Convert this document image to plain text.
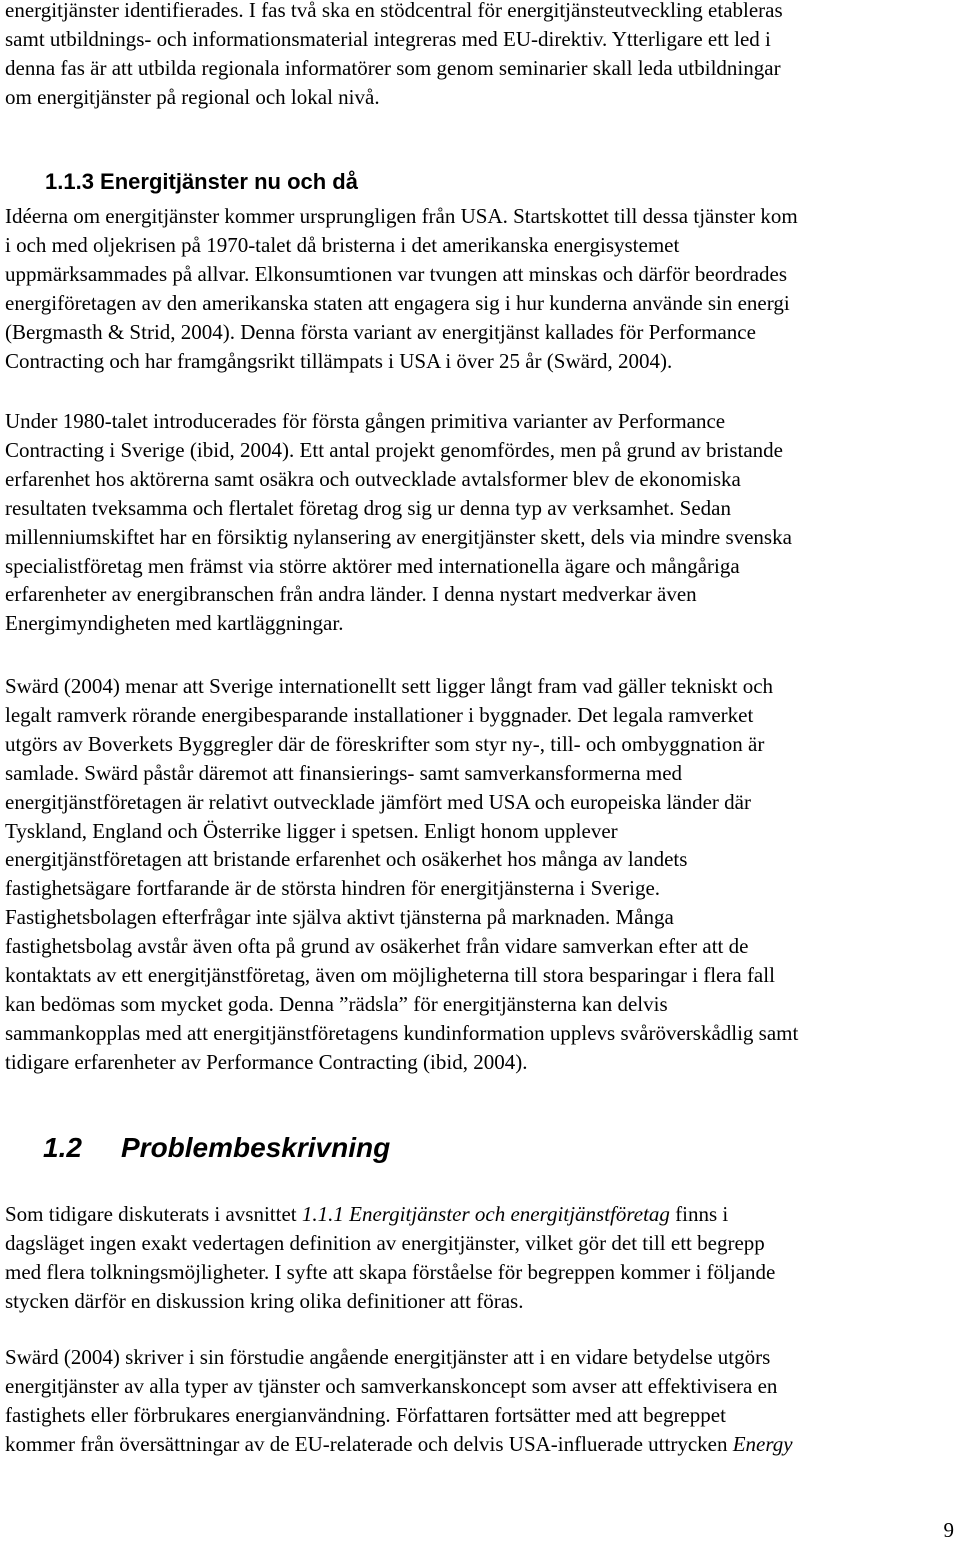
energitjänster identifierades. I fas två ska en stödcentral för energitjänsteutveckling etableras
samt utbildnings- och informationsmaterial integreras med EU-direktiv. Ytterligare ett led i
denna fas är att utbilda regionala informatörer som genom seminarier skall leda utbildningar
om energitjänster på regional och lokal nivå.

1.1.3 Energitjänster nu och då

Idéerna om energitjänster kommer ursprungligen från USA. Startskottet till dessa tjänster kom
i och med oljekrisen på 1970-talet då bristerna i det amerikanska energisystemet
uppmärksammades på allvar. Elkonsumtionen var tvungen att minskas och därför beordrades
energiföretagen av den amerikanska staten att engagera sig i hur kunderna använde sin energi
(Bergmasth & Strid, 2004). Denna första variant av energitjänst kallades för Performance
Contracting och har framgångsrikt tillämpats i USA i över 25 år (Swärd, 2004).

Under 1980-talet introducerades för första gången primitiva varianter av Performance
Contracting i Sverige (ibid, 2004). Ett antal projekt genomfördes, men på grund av bristande
erfarenhet hos aktörerna samt osäkra och outvecklade avtalsformer blev de ekonomiska
resultaten tveksamma och flertalet företag drog sig ur denna typ av verksamhet. Sedan
millenniumskiftet har en försiktig nylansering av energitjänster skett, dels via mindre svenska
specialistföretag men främst via större aktörer med internationella ägare och mångåriga
erfarenheter av energibranschen från andra länder. I denna nystart medverkar även
Energimyndigheten med kartläggningar.

Swärd (2004) menar att Sverige internationellt sett ligger långt fram vad gäller tekniskt och
legalt ramverk rörande energibesparande installationer i byggnader. Det legala ramverket
utgörs av Boverkets Byggregler där de föreskrifter som styr ny-, till- och ombyggnation är
samlade. Swärd påstår däremot att finansierings- samt samverkansformerna med
energitjänstföretagen är relativt outvecklade jämfört med USA och europeiska länder där
Tyskland, England och Österrike ligger i spetsen. Enligt honom upplever
energitjänstföretagen att bristande erfarenhet och osäkerhet hos många av landets
fastighetsägare fortfarande är de största hindren för energitjänsterna i Sverige.
Fastighetsbolagen efterfrågar inte själva aktivt tjänsterna på marknaden. Många
fastighetsbolag avstår även ofta på grund av osäkerhet från vidare samverkan efter att de
kontaktats av ett energitjänstföretag, även om möjligheterna till stora besparingar i flera fall
kan bedömas som mycket goda. Denna ”rädsla” för energitjänsterna kan delvis
sammankopplas med att energitjänstföretagens kundinformation upplevs svåröverskådlig samt
tidigare erfarenheter av Performance Contracting (ibid, 2004).

1.2 Problembeskrivning

Som tidigare diskuterats i avsnittet 1.1.1 Energitjänster och energitjänstföretag finns i
dagsläget ingen exakt vedertagen definition av energitjänster, vilket gör det till ett begrepp
med flera tolkningsmöjligheter. I syfte att skapa förståelse för begreppen kommer i följande
stycken därför en diskussion kring olika definitioner att föras.

Swärd (2004) skriver i sin förstudie angående energitjänster att i en vidare betydelse utgörs
energitjänster av alla typer av tjänster och samverkanskoncept som avser att effektivisera en
fastighets eller förbrukares energianvändning. Författaren fortsätter med att begreppet
kommer från översättningar av de EU-relaterade och delvis USA-influerade uttrycken Energy

9
